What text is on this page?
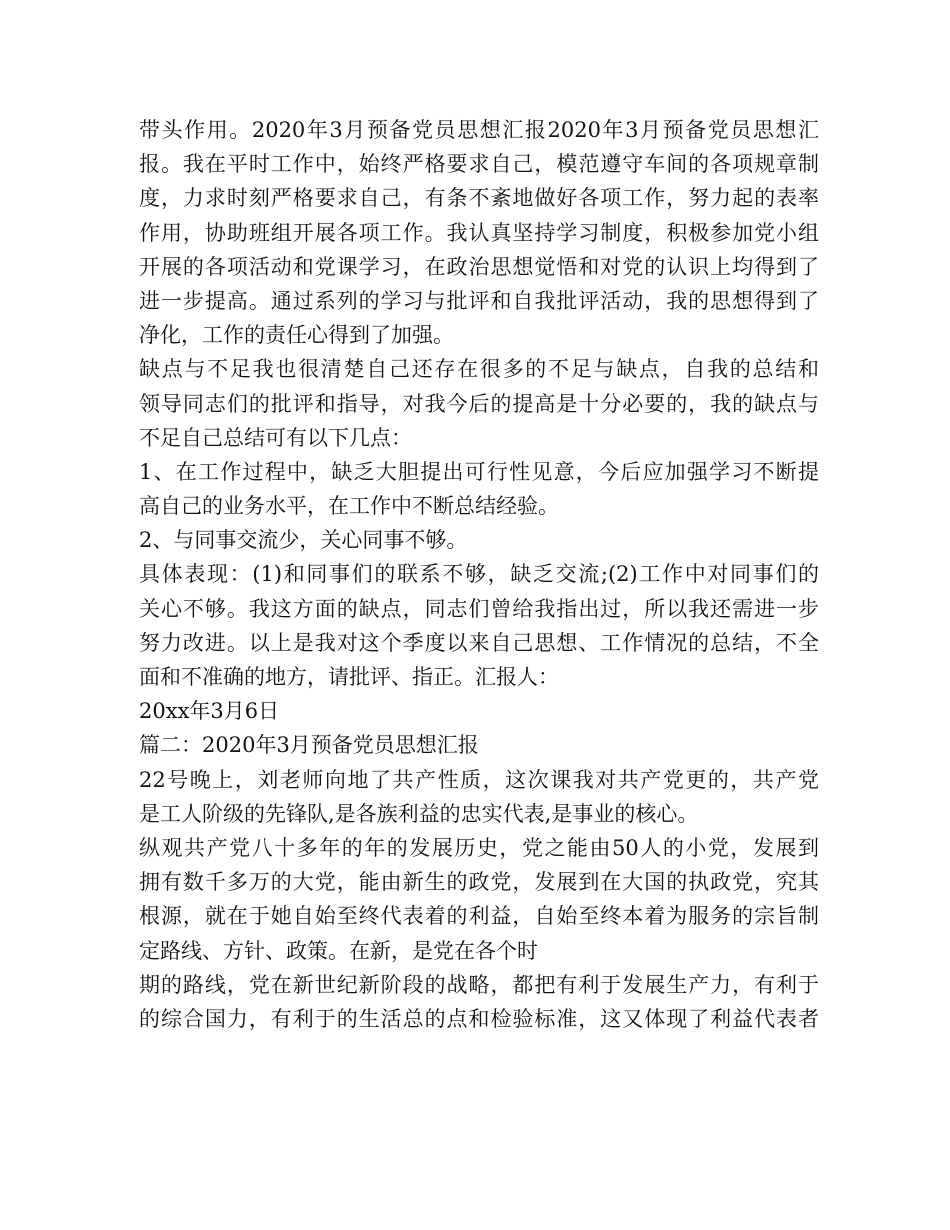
带头作用。2020年3月预备党员思想汇报2020年3月预备党员思想汇
报。我在平时工作中，始终严格要求自己，模范遵守车间的各项规章制
度，力求时刻严格要求自己，有条不紊地做好各项工作，努力起的表率
作用，协助班组开展各项工作。我认真坚持学习制度，积极参加党小组
开展的各项活动和党课学习，在政治思想觉悟和对党的认识上均得到了
进一步提高。通过系列的学习与批评和自我批评活动，我的思想得到了
净化，工作的责任心得到了加强。
缺点与不足我也很清楚自己还存在很多的不足与缺点，自我的总结和
领导同志们的批评和指导，对我今后的提高是十分必要的，我的缺点与
不足自己总结可有以下几点：
1、在工作过程中，缺乏大胆提出可行性见意，今后应加强学习不断提
高自己的业务水平，在工作中不断总结经验。
2、与同事交流少，关心同事不够。
具体表现：(1)和同事们的联系不够，缺乏交流;(2)工作中对同事们的
关心不够。我这方面的缺点，同志们曾给我指出过，所以我还需进一步
努力改进。以上是我对这个季度以来自己思想、工作情况的总结，不全
面和不准确的地方，请批评、指正。汇报人：
20xx年3月6日
篇二：2020年3月预备党员思想汇报
22号晚上，刘老师向地了共产性质，这次课我对共产党更的，共产党
是工人阶级的先锋队,是各族利益的忠实代表,是事业的核心。
纵观共产党八十多年的年的发展历史，党之能由50人的小党，发展到
拥有数千多万的大党，能由新生的政党，发展到在大国的执政党，究其
根源，就在于她自始至终代表着的利益，自始至终本着为服务的宗旨制
定路线、方针、政策。在新，是党在各个时
期的路线，党在新世纪新阶段的战略，都把有利于发展生产力，有利于
的综合国力，有利于的生活总的点和检验标准，这又体现了利益代表者
